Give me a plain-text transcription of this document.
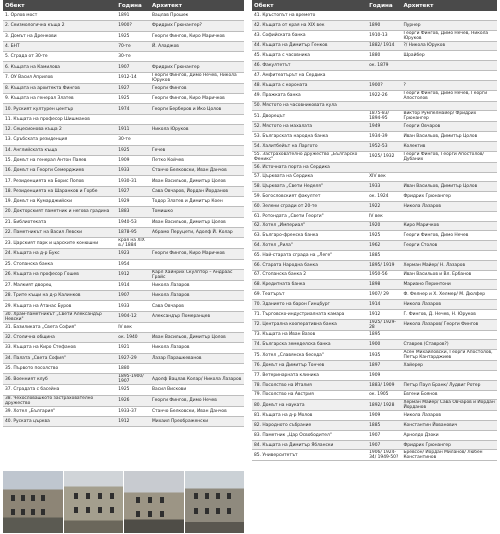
Обект	Година	Архитект
1. Орлов мост	1891	Вацлав Прошек
2. Сеизмологична къща 2	1900?	Фридрих Грюнангер?
3. Домът на Дренкови	1925	Георги Фингов, Киро Маричков
4. БНТ	70-те	Й. Аладжов
5. Сграда от 30-те	30-те	
6. Къщата на Камилова	1907	Фридрих Грюнангер
7. ОУ Васил Априлов	1912-14	Георги Фингов, Димо Нечев, Никола Юрукoв
8. Къщата на архитекта Фингов	1927	Георги Фингов
9. Къщата на генерал Златев	1925	Георги Фингов, Киро Маричков
10. Руският културен център	1974	Георги Бербеpов и Ико Цолов
11. Къщата на професор Шишманов		
12. Сецесионова къща 2	1911	Никола Юрукoв
13. Сръбската резиденция	30-те	
14. Английската къща	1925	Гечев
15. Домът на генерал Антон Паяев	1909	Петко Койчев
16. Домът на Георги Семерджиев	1933	Станчо Белковски, Иван Данчов
17. Резиденцията на Борис Попов	1930-31	Иван Васильов, Димитър Цолов
18. Резиденцията на Шаранков и Горбе	1927	Сава Овчаров, Йордан Йорданов
19. Домът на Кумарджийски	1929	Тодор Златев и Димитър Коен
20. Докторският паметник и негова градина	1883	Томишко
21. Библиотеката	1940-53	Иван Васильов, Димитър Цолов
22. Паметникът на Васил Левски	1878-95	Абрамо Перуцети, Адолф Й. Колар
23. Царският парк и царските конюшни	края на XIX в./ 1884	
24. Къщата на д-р Букс	1923	Георги Фингов, Киро Маричков
25. Стопанска банка	1954	
26. Къщата на професор Гошев	1912	Карл Хайнрих Скулптор – Андраас Грайс
27. Малкият дворец	1914	Никола Лазаров
28. Трите къщи на д-р Калинков	1907	Никола Лазаров
29. Къщата на Атанас Буров	1933	Сава Овчаров
30. Храм-паметникът „Свети Александър Невски"	1904-12	Александър Померанцев
31. Базиликата „Света София"	IV век	
32. Столична община	ок. 1940	Иван Васильов, Димитър Цолов
33. Къщата на Киро Стефанов	1921	Никола Лазаров
34. Палата „Света София"	1927-29	Лазар Парашкеванов
35. Първото посолство	1880	
36. Военният клуб	1895-1900/ 1907	Адолф Вацлав Колар/ Никола Лазаров
37. Сградата с басейна	1925	Васил Вискови
38. Чехословашкото застрахователно дружество	1926	Георги Фингов, Димо Нечев
39. Хотел „България"	1933-37	Станчо Белковски, Иван Данчов
40. Руската църква	1912	Михаил Преображенски
Обект	Година	Архитект
41. Кръстопът на времето		
42. Къщата от края на XIX век	1890	Пурнер
43. Софийската банка	1910-13	Георги Фингов, Димо Нечев, Никола Юрукoв
44. Къщата на Димитър Генков	1882/ 1914	?/ Никола Юрукoв
45. Къщата с часовника	1880	Шрайбер
46. Факултетът	ок. 1879	
47. Амфитеатърът на Сердика		
48. Къщата с короната	1900?	?
49. Пражката банка	1922-26	Георги Фингов, Димо Нечев, Георги Апостолов
50. Мястото на часовниковата кула		
51. Дворецът	1875-83/ 1894-95	Виктор Румпелмайер/ Фридрих Грюнангер
52. Мястото на махалата	1949	Георги Овчаров
53. Българската народна банка	1934-39	Иван Васильов, Димитър Цолов
54. Халитбейът на Ларгото	1952-53	Колектив
55. Застрахователно дружество „Българско Феникс"	1925/ 1932	Георги Фингов, Георги Апостолов/ Дубаних
56. Источната порта на Сердика		
57. Църквата на Сердика	XIV век	
58. Църквата „Свети Неделя"	1933	Иван Васильов, Димитър Цолов
59. Богословският факултет	ок. 1924	Фридрих Грюнангер
60. Зелени сгради от 20-те	1922	Никола Лазаров
61. Ротондата „Свети Георги"	IV век	
62. Хотел „Империал"	1920	Киро Маричков
63. Българо-френска банка	1925	Георги Фингов, Димо Нечев
64. Хотел „Рила"	1962	Георги Столов
65. Най-старата сграда на „Леге"	1885	
66. Старата Народна банка	1895/ 1919	Херман Майер/ Н. Лазаров
67. Стопанска банка 2	1950-56	Иван Васильов и Вл. Ербанов
68. Кредитната банка	1898	Мариано Перинтони
69. Театърът	1907/ 29	Ф. Фелнер и Х. Хелмер/ М. Дюлфер
70. Зданието на барон Гинцбург	1914	Никола Лазаров
71. Търговско-индустриалната камара	1912	Г. Фингов, Д. Нечев, Н. Юрукoв
72. Централна кооперативна банка	1925/ 1929-28	Никола Лазаров/ Георги Фингов
73. Къщата на Иван Вазов	1895	
74. Българска земеделска банка	1900	Ставрев (Ставров?)
75. Хотел „Славянска беседа"	1935	Асен Михайловски, Георги Апостолов, Петър Кантарджиев
76. Домът на Димитър Тончев	1897	Хайерер
77. Ветеринарната клиника	1909	
78. Посолство на Италия	1883/ 1909	Петър Паул Бранк/ Лудвиг Ротер
79. Посолство на Австрия	ок. 1905	Евгени Боянов
80. Домът на науката	1892/ 1928	Херман Майер/ Сава Овчаров и Йордан Йорданов
81. Къщата на д-р Молов	1909	Никола Лазаров
82. Народното събрание	1885	Константин Йованович
83. Паметник „Цар Освободител"	1907	Арнолдо Дзоки
84. Къщата на Димитър Яблански	1907	Фридрих Грюнангер
85. Университетът	1906/ 1924-34/ 1949-50?	Бревсон/ Йордан Миланов/ Любен Константинов
